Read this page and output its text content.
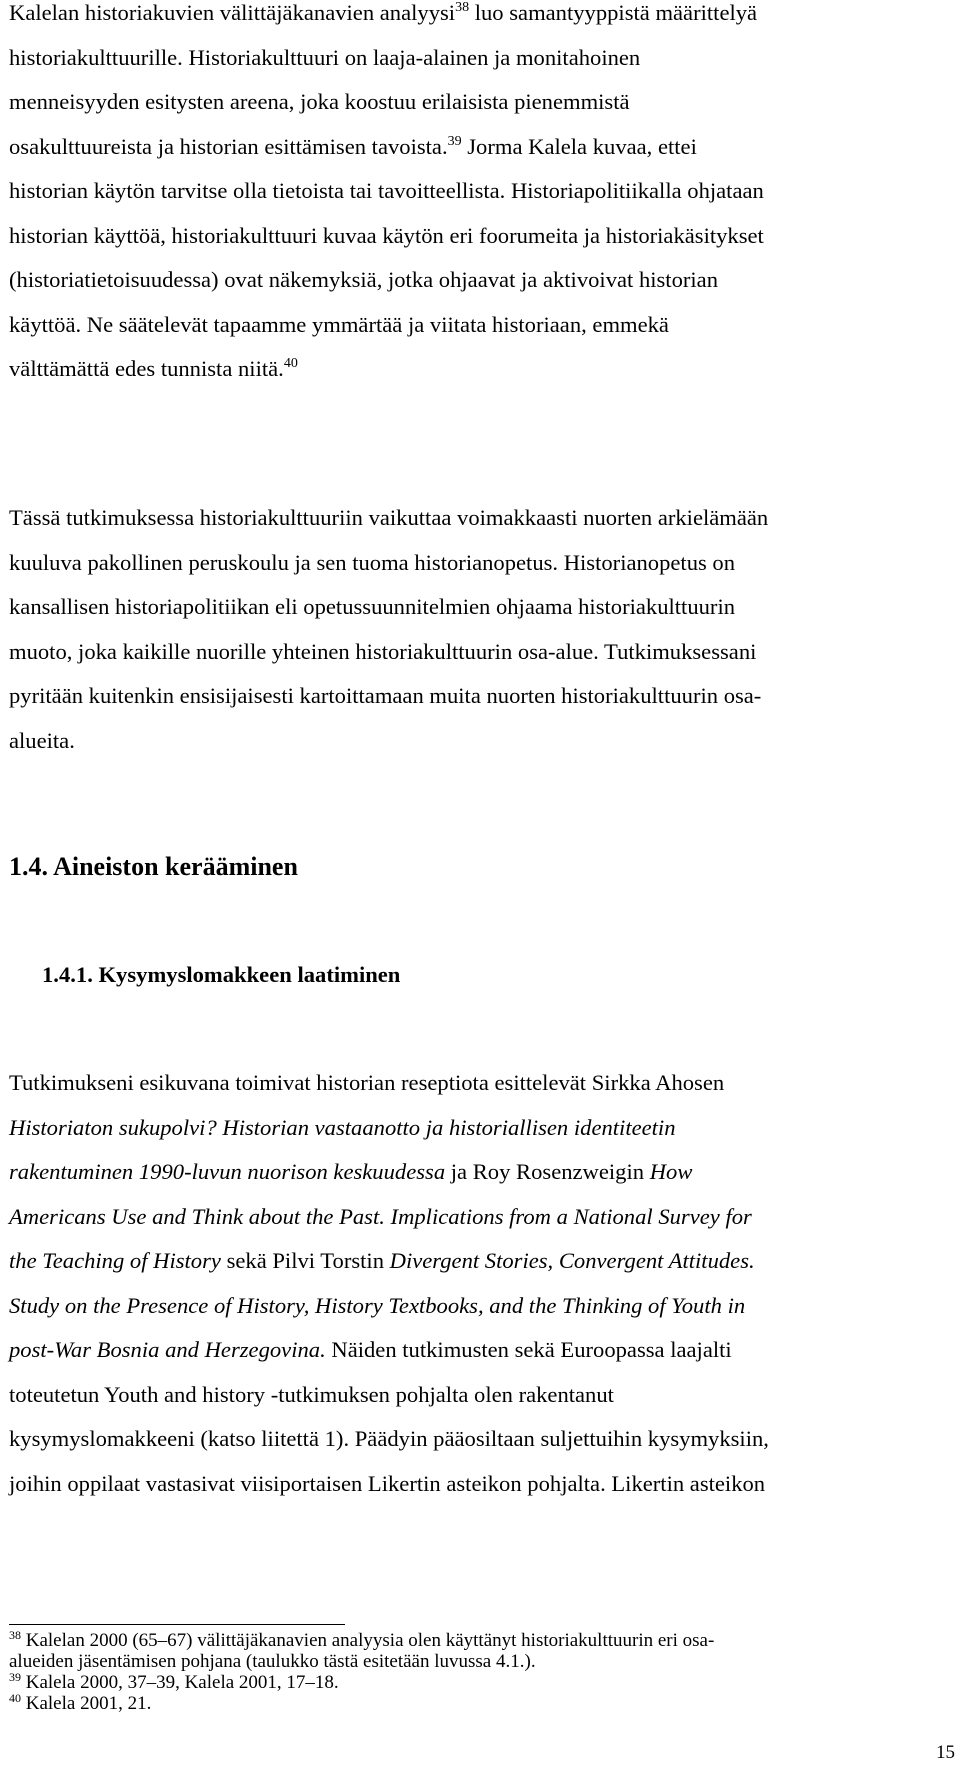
Kalelan historiakuvien välittäjäkanavien analyysi$^{38}$ luo samantyyppistä määrittelyä
historiakulttuurille. Historiakulttuuri on laaja-alainen ja monitahoinen
menneisyyden esitysten areena, joka koostuu erilaisista pienemmistä
osakulttuureista ja historian esittämisen tavoista.$^{39}$ Jorma Kalela kuvaa, ettei
historian käytön tarvitse olla tietoista tai tavoitteellista. Historiapolitiikalla ohjataan
historian käyttöä, historiakulttuuri kuvaa käytön eri foorumeita ja historiakäsitykset
(historiatietoisuudessa) ovat näkemyksiä, jotka ohjaavat ja aktivoivat historian
käyttöä. Ne säätelevät tapaamme ymmärtää ja viitata historiaan, emmekä
välttämättä edes tunnista niitä.$^{40}$

Tässä tutkimuksessa historiakulttuuriin vaikuttaa voimakkaasti nuorten arkielämään
kuuluva pakollinen peruskoulu ja sen tuoma historianopetus. Historianopetus on
kansallisen historiapolitiikan eli opetussuunnitelmien ohjaama historiakulttuurin
muoto, joka kaikille nuorille yhteinen historiakulttuurin osa-alue. Tutkimuksessani
pyritään kuitenkin ensisijaisesti kartoittamaan muita nuorten historiakulttuurin osa-
alueita.

1.4. Aineiston kerääminen
1.4.1. Kysymyslomakkeen laatiminen

Tutkimukseni esikuvana toimivat historian reseptiota esittelevät Sirkka Ahosen
Historiaton sukupolvi? Historian vastaanotto ja historiallisen identiteetin
rakentuminen 1990-luvun nuorison keskuudessa ja Roy Rosenzweigin How
Americans Use and Think about the Past. Implications from a National Survey for
the Teaching of History sekä Pilvi Torstin Divergent Stories, Convergent Attitudes.
Study on the Presence of History, History Textbooks, and the Thinking of Youth in
post-War Bosnia and Herzegovina. Näiden tutkimusten sekä Euroopassa laajalti
toteutetun Youth and history -tutkimuksen pohjalta olen rakentanut
kysymyslomakkeeni (katso liitettä 1). Päädyin pääosiltaan suljettuihin kysymyksiin,
joihin oppilaat vastasivat viisiportaisen Likertin asteikon pohjalta. Likertin asteikon

$^{38}$ Kalelan 2000 (65–67) välittäjäkanavien analyysia olen käyttänyt historiakulttuurin eri osa-
alueiden jäsentämisen pohjana (taulukko tästä esitetään luvussa 4.1.).
$^{39}$ Kalela 2000, 37–39, Kalela 2001, 17–18.
$^{40}$ Kalela 2001, 21.
15
